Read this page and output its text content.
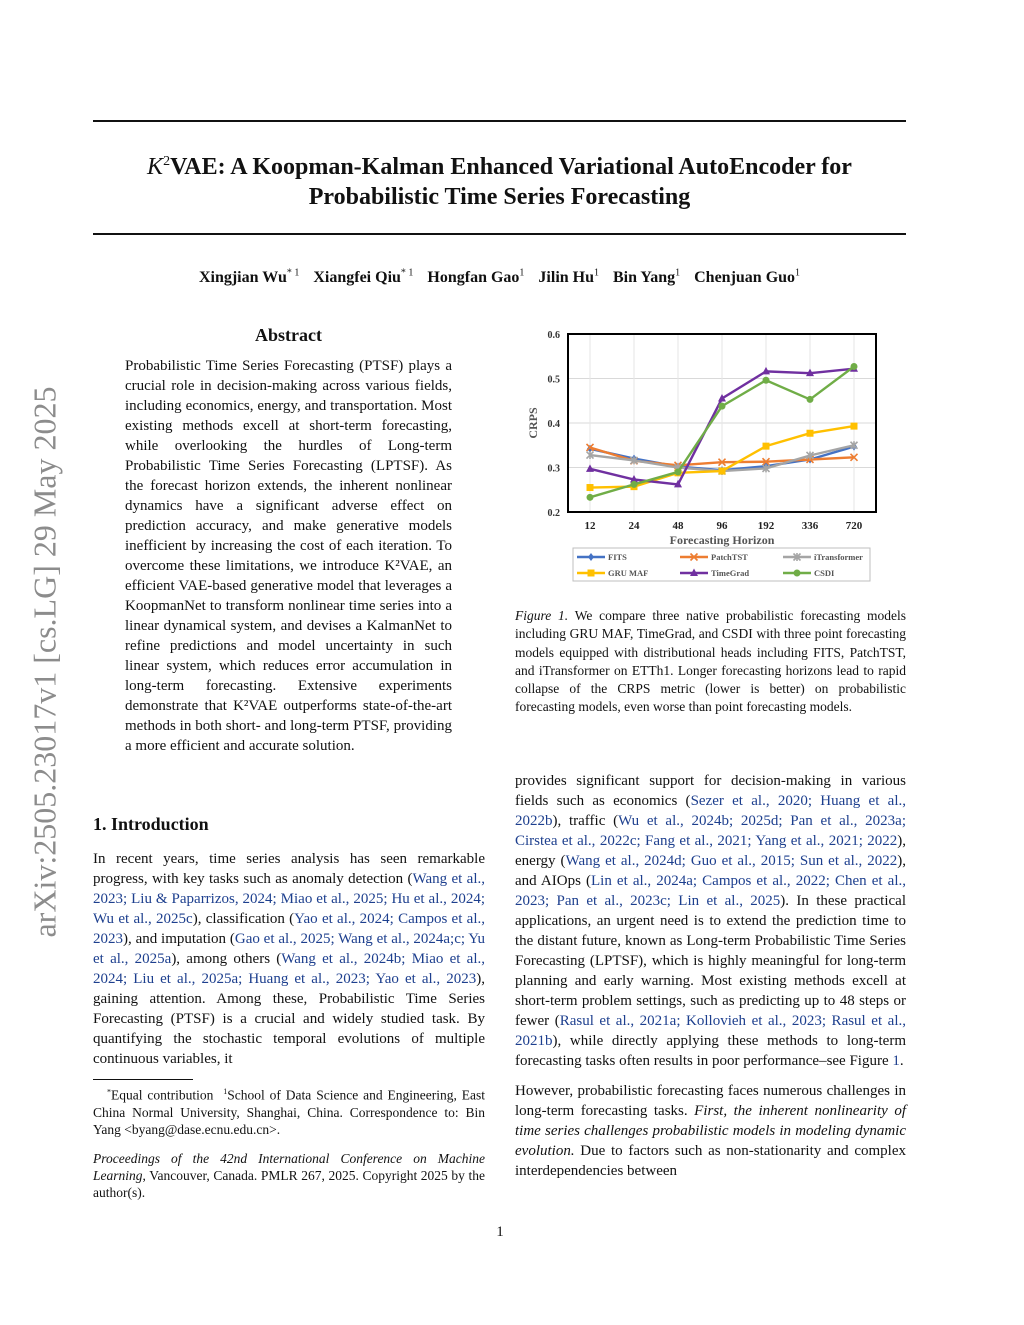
arXiv:2505.23017v1 [cs.LG] 29 May 2025
$K^2VAE$: A Koopman-Kalman Enhanced Variational AutoEncoder for
Probabilistic Time Series Forecasting
Xingjian Wu$^{* 1}$ Xiangfei Qiu$^{* 1}$ Hongfan Gao$^1$ Jilin Hu$^1$ Bin Yang$^1$ Chenjuan Guo$^1$
Abstract

Probabilistic Time Series Forecasting (PTSF) plays a crucial role in decision-making across various fields, including economics, energy, and transportation. Most existing methods excell at short-term forecasting, while overlooking the hurdles of Long-term Probabilistic Time Series Forecasting (LPTSF). As the forecast horizon extends, the inherent nonlinear dynamics have a significant adverse effect on prediction accuracy, and make generative models inefficient by increasing the cost of each iteration. To overcome these limitations, we introduce K²VAE, an efficient VAE-based generative model that leverages a KoopmanNet to transform nonlinear time series into a linear dynamical system, and devises a KalmanNet to refine predictions and model uncertainty in such linear system, which reduces error accumulation in long-term forecasting. Extensive experiments demonstrate that K²VAE outperforms state-of-the-art methods in both short- and long-term PTSF, providing a more efficient and accurate solution.

1. Introduction

In recent years, time series analysis has seen remarkable progress, with key tasks such as anomaly detection (Wang et al., 2023; Liu & Paparrizos, 2024; Miao et al., 2025; Hu et al., 2024; Wu et al., 2025c), classification (Yao et al., 2024; Campos et al., 2023), and imputation (Gao et al., 2025; Wang et al., 2024a;c; Yu et al., 2025a), among others (Wang et al., 2024b; Miao et al., 2024; Liu et al., 2025a; Huang et al., 2023; Yao et al., 2023), gaining attention. Among these, Probabilistic Time Series Forecasting (PTSF) is a crucial and widely studied task. By quantifying the stochastic temporal evolutions of multiple continuous variables, it

*Equal contribution $^1$School of Data Science and Engineering, East China Normal University, Shanghai, China. Correspondence to: Bin Yang <byang@dase.ecnu.edu.cn>.
Proceedings of the 42nd International Conference on Machine Learning, Vancouver, Canada. PMLR 267, 2025. Copyright 2025 by the author(s).
0.2
0.3
0.4
0.5
0.6
12	24	48	96	192	336	720
Forecasting Horizon
CRPS
FITS	PatchTST	iTransformer
GRU MAF	TimeGrad	CSDI
Figure 1. We compare three native probabilistic forecasting models including GRU MAF, TimeGrad, and CSDI with three point forecasting models equipped with distributional heads including FITS, PatchTST, and iTransformer on ETTh1. Longer forecasting horizons lead to rapid collapse of the CRPS metric (lower is better) on probabilistic forecasting models, even worse than point forecasting models.

provides significant support for decision-making in various fields such as economics (Sezer et al., 2020; Huang et al., 2022b), traffic (Wu et al., 2024b; 2025d; Pan et al., 2023a; Cirstea et al., 2022c; Fang et al., 2021; Yang et al., 2021; 2022), energy (Wang et al., 2024d; Guo et al., 2015; Sun et al., 2022), and AIOps (Lin et al., 2024a; Campos et al., 2022; Chen et al., 2023; Pan et al., 2023c; Lin et al., 2025). In these practical applications, an urgent need is to extend the prediction time to the distant future, known as Long-term Probabilistic Time Series Forecasting (LPTSF), which is highly meaningful for long-term planning and early warning. Most existing methods excell at short-term problem settings, such as predicting up to 48 steps or fewer (Rasul et al., 2021a; Kollovieh et al., 2023; Rasul et al., 2021b), while directly applying these methods to long-term forecasting tasks often results in poor performance–see Figure 1.

However, probabilistic forecasting faces numerous challenges in long-term forecasting tasks. First, the inherent nonlinearity of time series challenges probabilistic models in modeling dynamic evolution. Due to factors such as non-stationarity and complex interdependencies between

1
